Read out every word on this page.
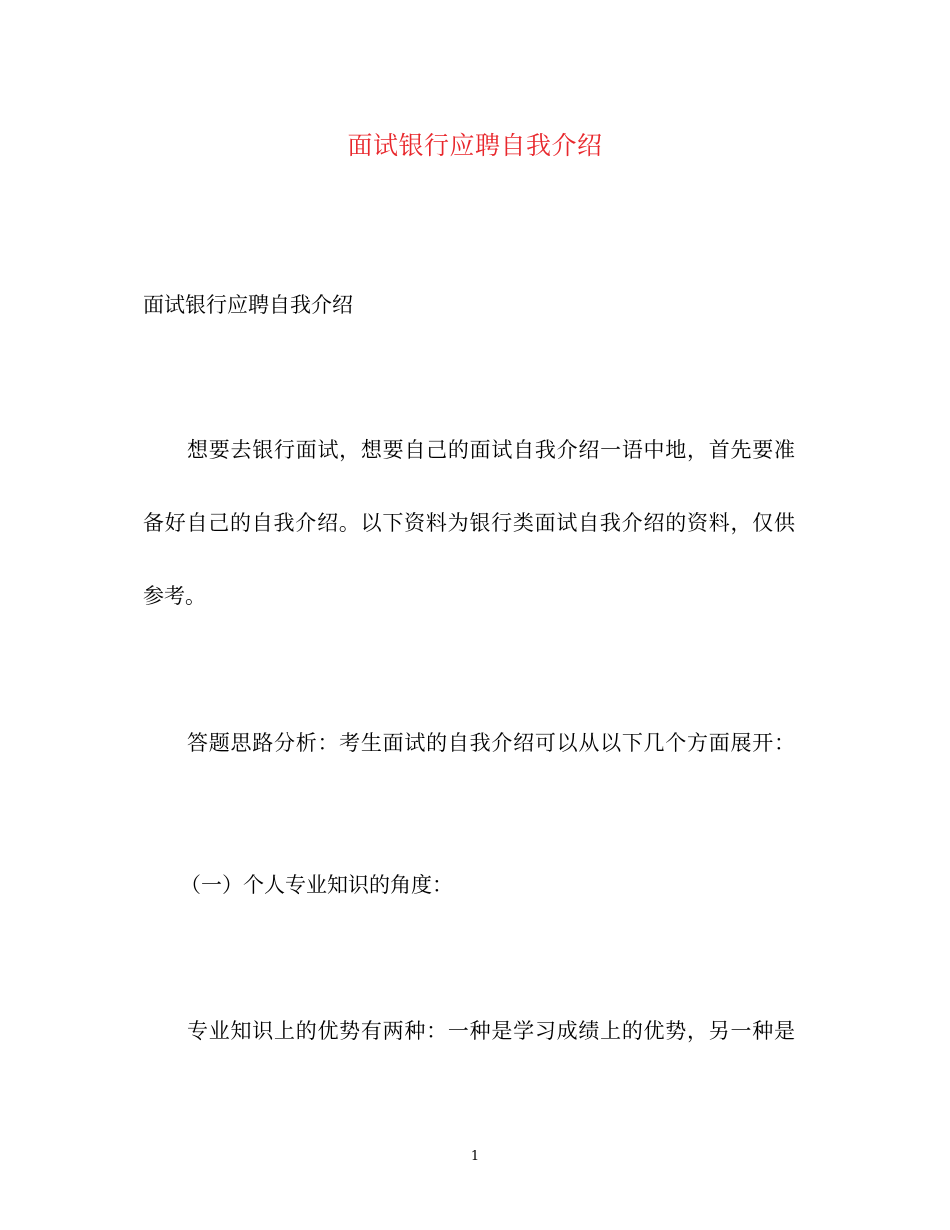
面试银行应聘自我介绍
面试银行应聘自我介绍
想要去银行面试，想要自己的面试自我介绍一语中地，首先要准
备好自己的自我介绍。以下资料为银行类面试自我介绍的资料，仅供
参考。
答题思路分析：考生面试的自我介绍可以从以下几个方面展开：
（一）个人专业知识的角度：
专业知识上的优势有两种：一种是学习成绩上的优势，另一种是
1
